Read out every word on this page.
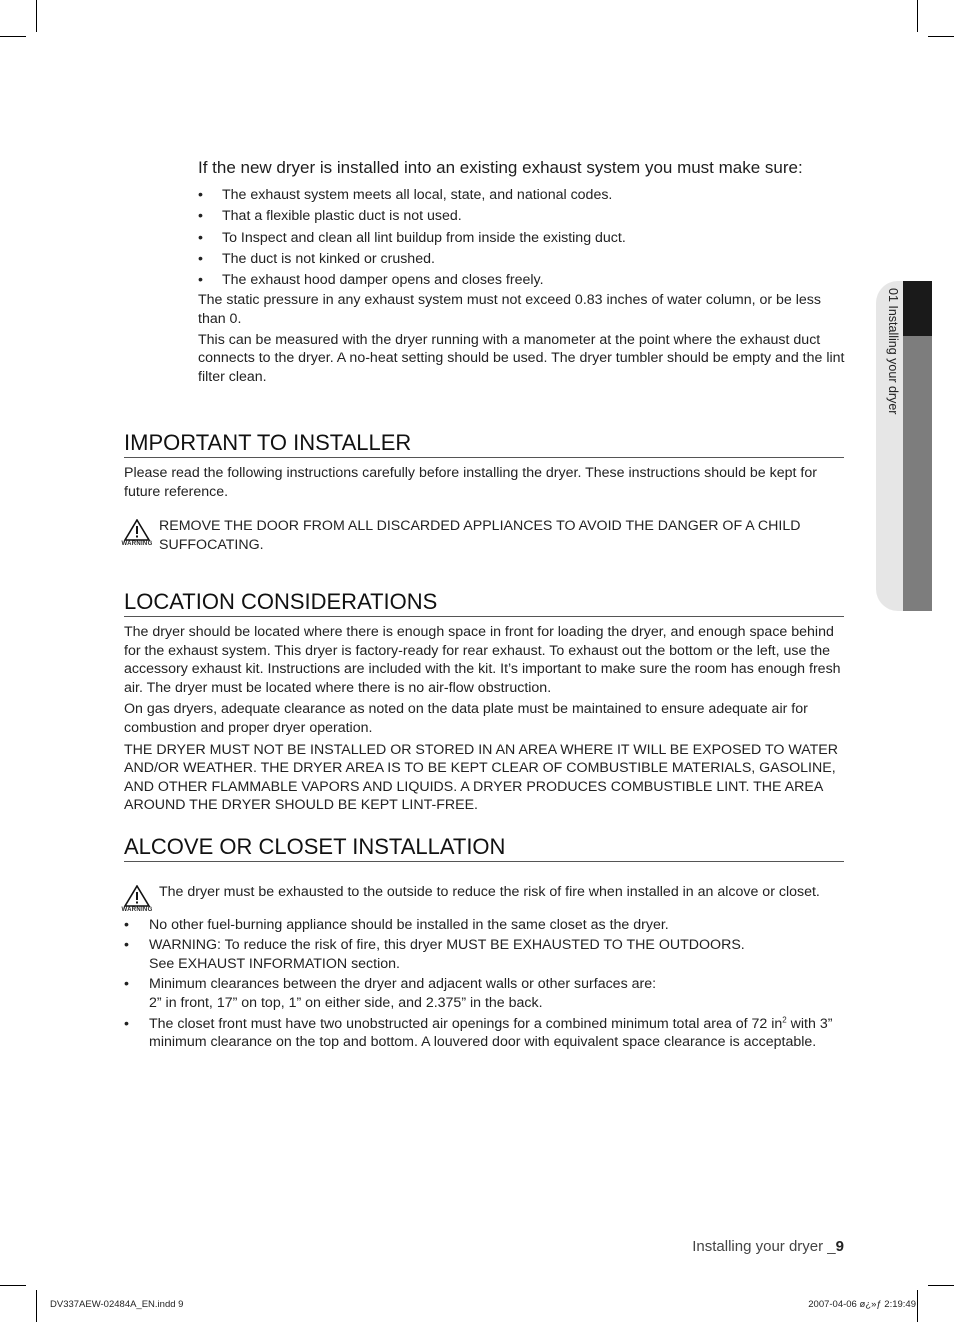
01 Installing your dryer

If the new dryer is installed into an existing exhaust system you must make sure:

• The exhaust system meets all local, state, and national codes.
• That a flexible plastic duct is not used.
• To Inspect and clean all lint buildup from inside the existing duct.
• The duct is not kinked or crushed.
• The exhaust hood damper opens and closes freely.

The static pressure in any exhaust system must not exceed 0.83 inches of water column, or be less than 0.

This can be measured with the dryer running with a manometer at the point where the exhaust duct connects to the dryer. A no-heat setting should be used. The dryer tumbler should be empty and the lint filter clean.

IMPORTANT TO INSTALLER

Please read the following instructions carefully before installing the dryer. These instructions should be kept for future reference.

WARNING
REMOVE THE DOOR FROM ALL DISCARDED APPLIANCES TO AVOID THE DANGER OF A CHILD SUFFOCATING.
LOCATION CONSIDERATIONS

The dryer should be located where there is enough space in front for loading the dryer, and enough space behind for the exhaust system. This dryer is factory-ready for rear exhaust. To exhaust out the bottom or the left, use the accessory exhaust kit. Instructions are included with the kit. It’s important to make sure the room has enough fresh air. The dryer must be located where there is no air-flow obstruction.

On gas dryers, adequate clearance as noted on the data plate must be maintained to ensure adequate air for combustion and proper dryer operation.

THE DRYER MUST NOT BE INSTALLED OR STORED IN AN AREA WHERE IT WILL BE EXPOSED TO WATER AND/OR WEATHER. THE DRYER AREA IS TO BE KEPT CLEAR OF COMBUSTIBLE MATERIALS, GASOLINE, AND OTHER FLAMMABLE VAPORS AND LIQUIDS. A DRYER PRODUCES COMBUSTIBLE LINT. THE AREA AROUND THE DRYER SHOULD BE KEPT LINT-FREE.

ALCOVE OR CLOSET INSTALLATION
WARNING
The dryer must be exhausted to the outside to reduce the risk of fire when installed in an alcove or closet.
• No other fuel-burning appliance should be installed in the same closet as the dryer.
• WARNING: To reduce the risk of fire, this dryer MUST BE EXHAUSTED TO THE OUTDOORS.
See EXHAUST INFORMATION section.
• Minimum clearances between the dryer and adjacent walls or other surfaces are:
2” in front, 17” on top, 1” on either side, and 2.375” in the back.
• The closet front must have two unobstructed air openings for a combined minimum total area of 72 $in^2$ with 3” minimum clearance on the top and bottom. A louvered door with equivalent space clearance is acceptable.
Installing your dryer _9
DV337AEW-02484A_EN.indd 9	2007-04-06 ø¿»ƒ 2:19:49
